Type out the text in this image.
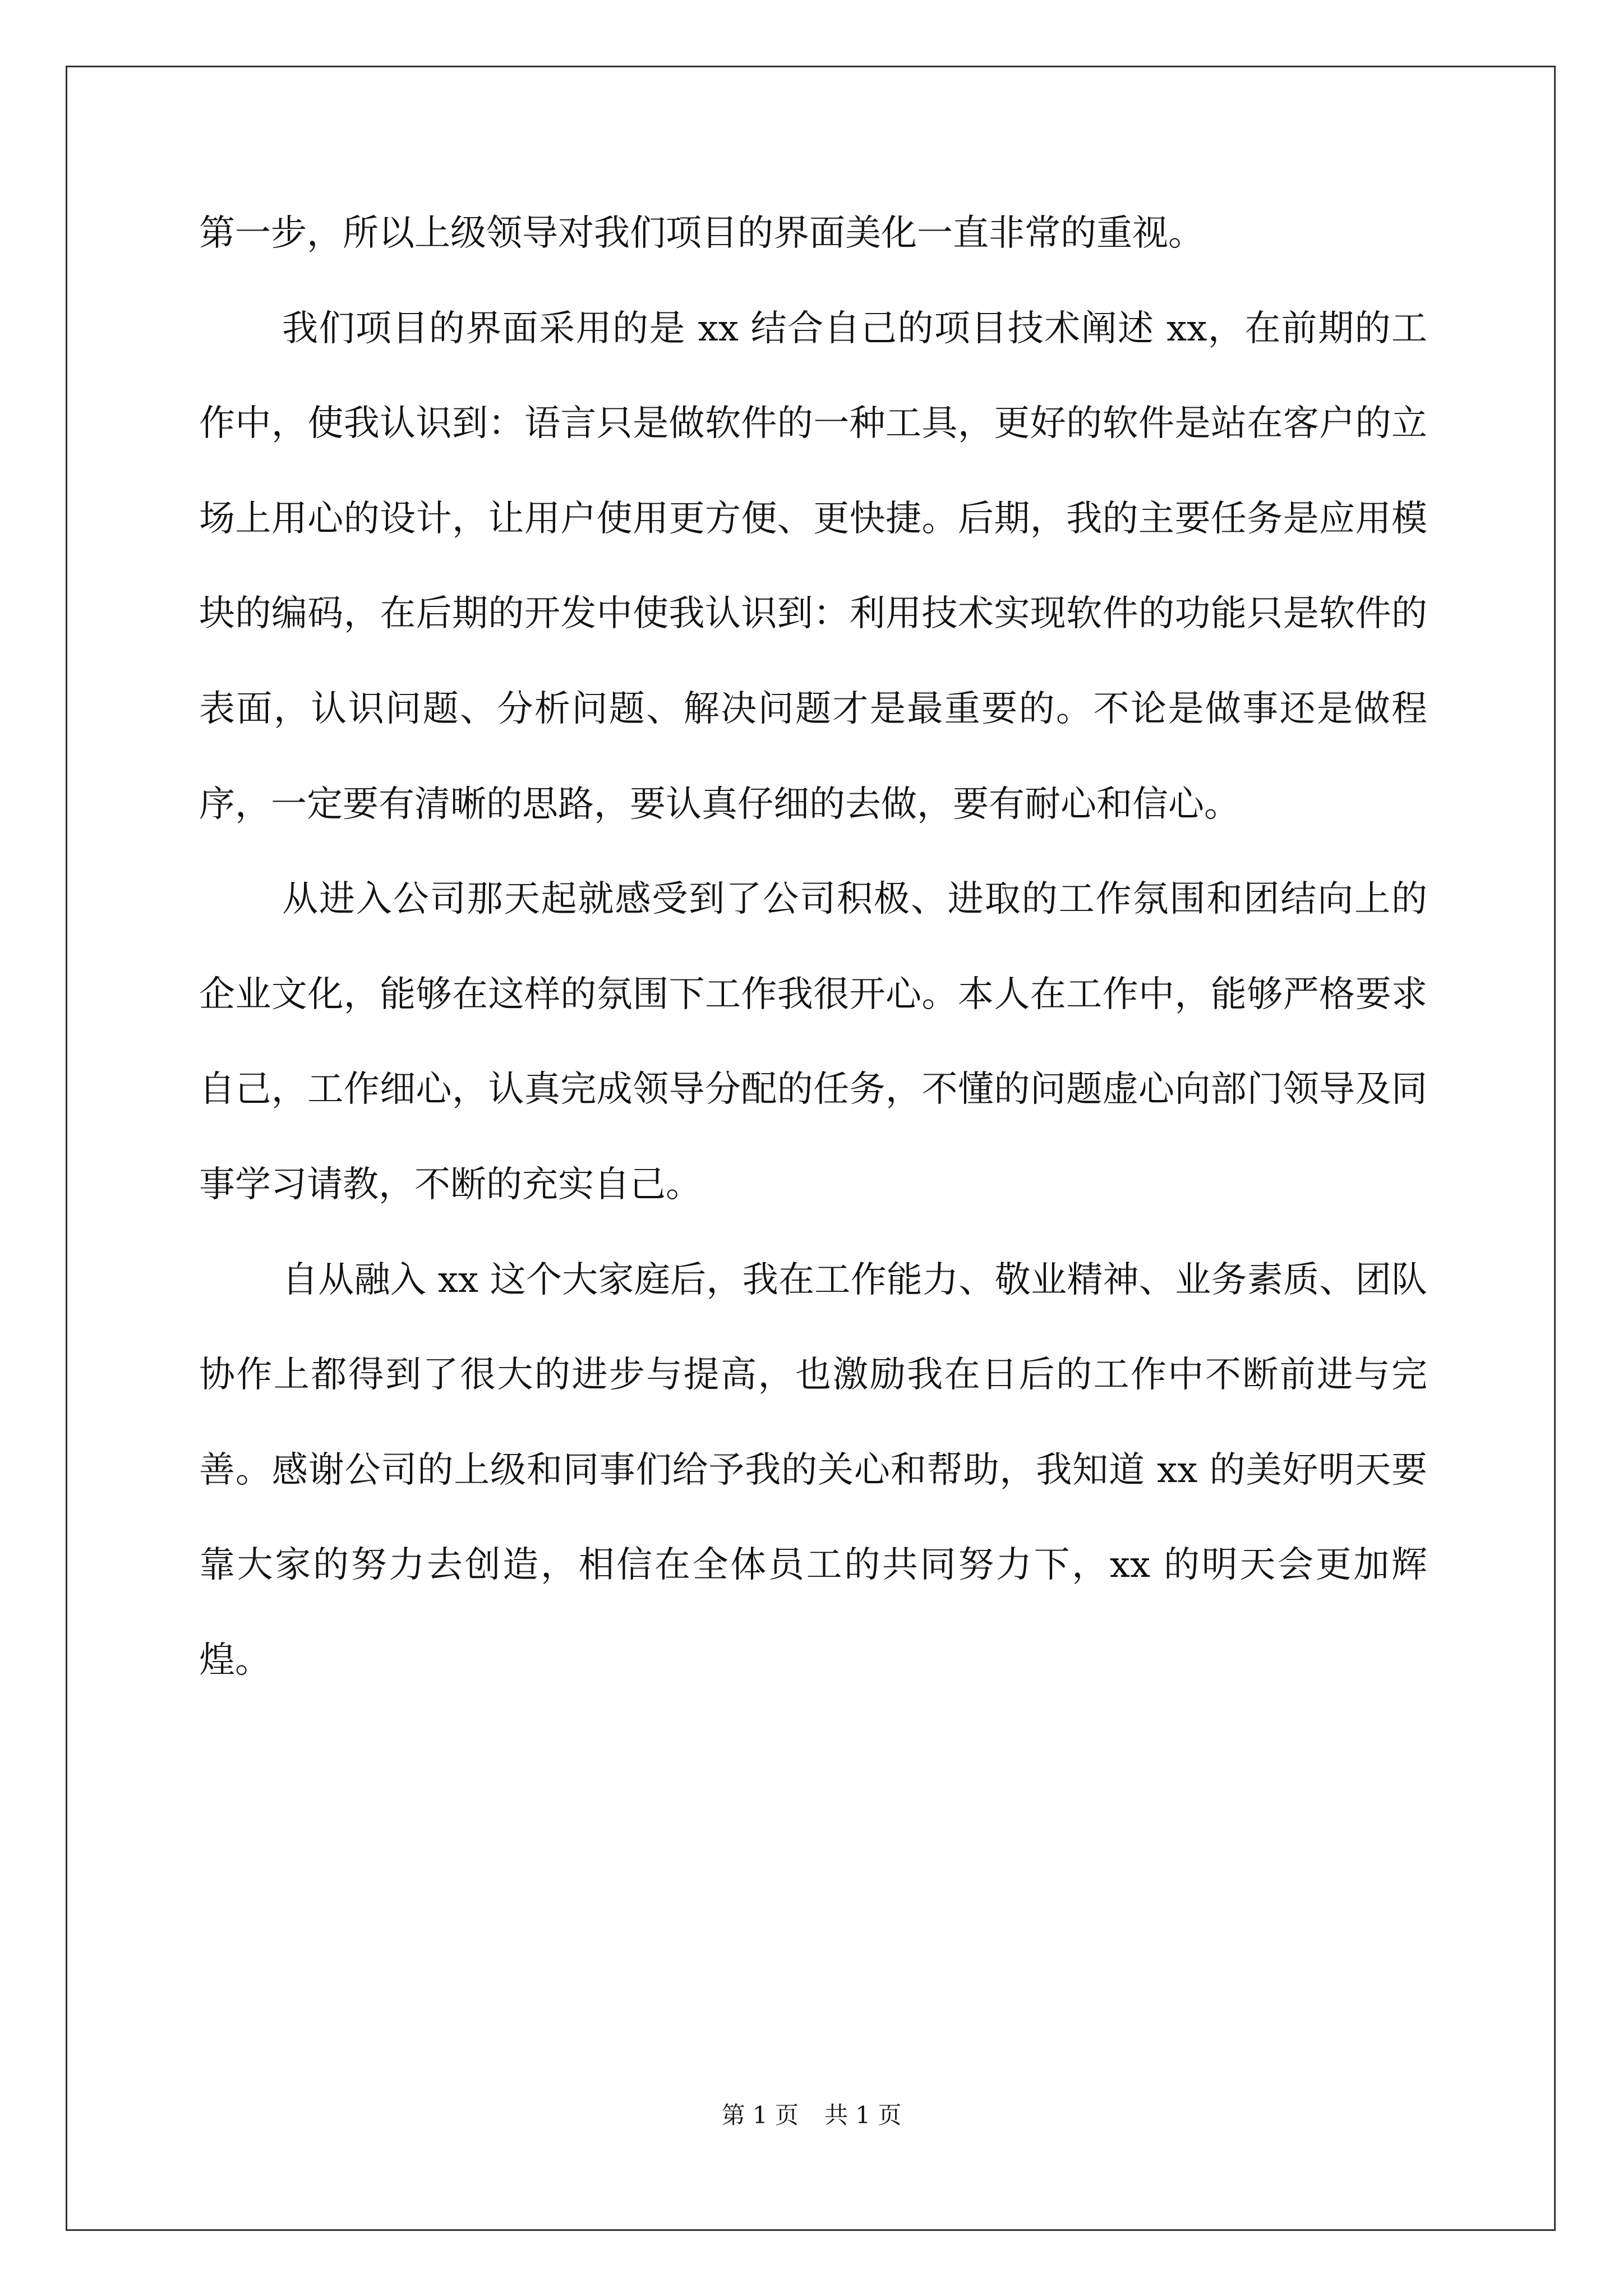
第一步，所以上级领导对我们项目的界面美化一直非常的重视。

我们项目的界面采用的是 xx 结合自己的项目技术阐述 xx，在前期的工作中，使我认识到：语言只是做软件的一种工具，更好的软件是站在客户的立场上用心的设计，让用户使用更方便、更快捷。后期，我的主要任务是应用模块的编码，在后期的开发中使我认识到：利用技术实现软件的功能只是软件的表面，认识问题、分析问题、解决问题才是最重要的。不论是做事还是做程序，一定要有清晰的思路，要认真仔细的去做，要有耐心和信心。

从进入公司那天起就感受到了公司积极、进取的工作氛围和团结向上的企业文化，能够在这样的氛围下工作我很开心。本人在工作中，能够严格要求自己，工作细心，认真完成领导分配的任务，不懂的问题虚心向部门领导及同事学习请教，不断的充实自己。

自从融入 xx 这个大家庭后，我在工作能力、敬业精神、业务素质、团队协作上都得到了很大的进步与提高，也激励我在日后的工作中不断前进与完善。感谢公司的上级和同事们给予我的关心和帮助，我知道 xx 的美好明天要靠大家的努力去创造，相信在全体员工的共同努力下，xx 的明天会更加辉煌。

第 1 页 共 1 页
